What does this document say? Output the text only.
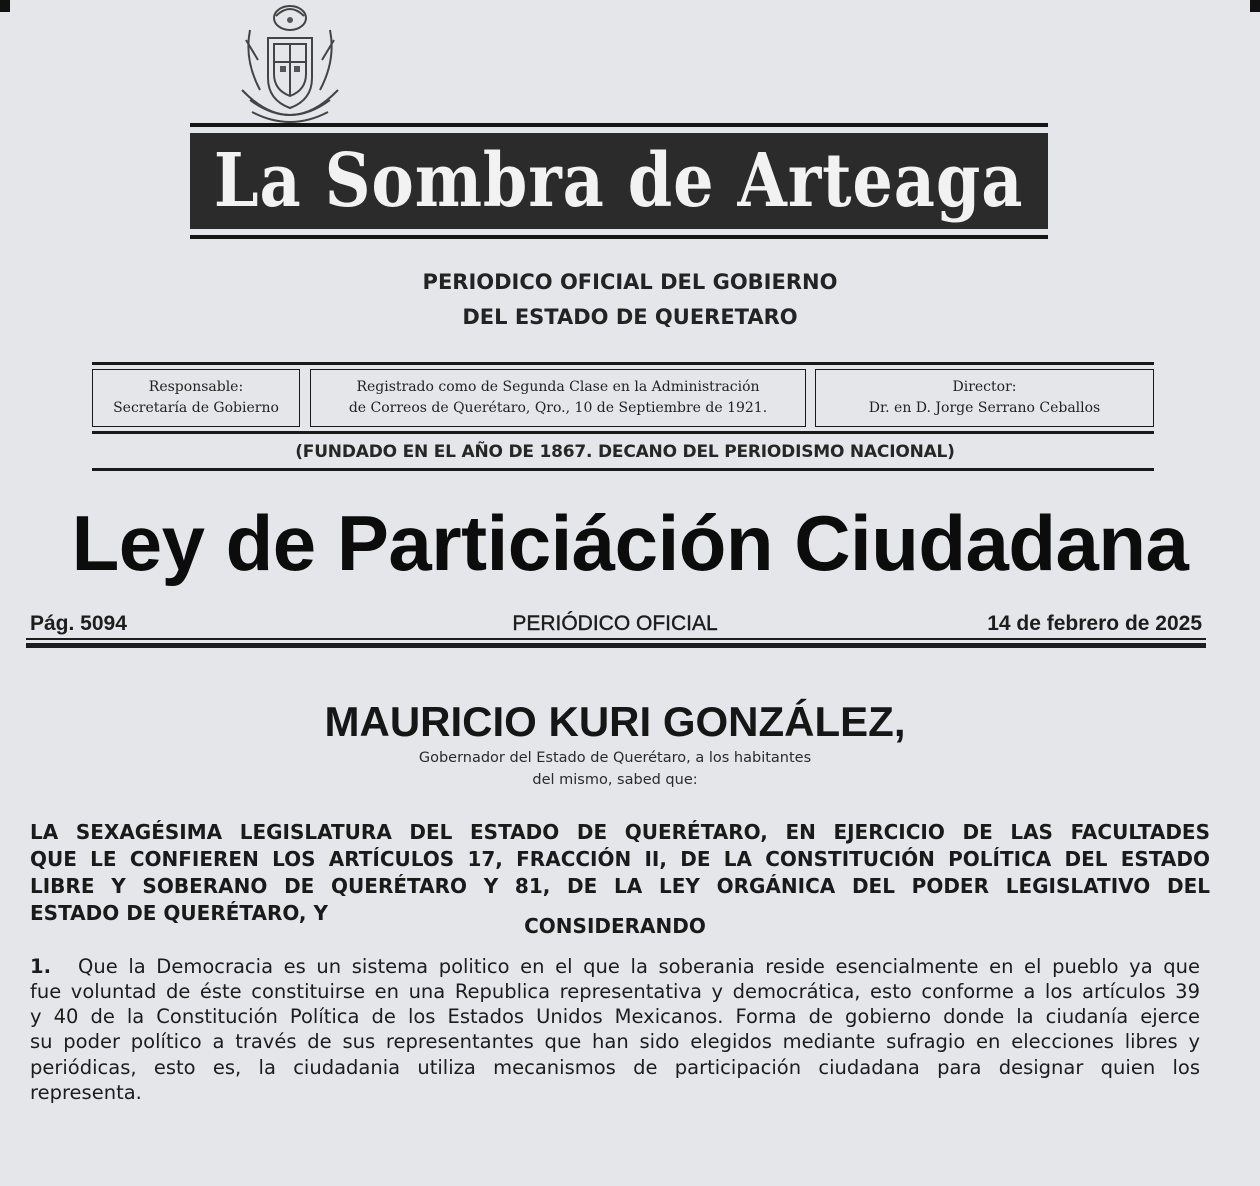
La Sombra de Arteaga
PERIODICO OFICIAL DEL GOBIERNO
DEL ESTADO DE QUERETARO
Responsable:
Secretaría de Gobierno
Registrado como de Segunda Clase en la Administración
de Correos de Querétaro, Qro., 10 de Septiembre de 1921.
Director:
Dr. en D. Jorge Serrano Ceballos
(FUNDADO EN EL AÑO DE 1867. DECANO DEL PERIODISMO NACIONAL)
Ley de Particiáción Ciudadana
Pág. 5094	PERIÓDICO OFICIAL	14 de febrero de 2025
MAURICIO KURI GONZÁLEZ,
Gobernador del Estado de Querétaro, a los habitantes
del mismo, sabed que:
LA SEXAGÉSIMA LEGISLATURA DEL ESTADO DE QUERÉTARO, EN EJERCICIO DE LAS FACULTADES
QUE LE CONFIEREN LOS ARTÍCULOS 17, FRACCIÓN II, DE LA CONSTITUCIÓN POLÍTICA DEL ESTADO
LIBRE Y SOBERANO DE QUERÉTARO Y 81, DE LA LEY ORGÁNICA DEL PODER LEGISLATIVO DEL
ESTADO DE QUERÉTARO, Y
CONSIDERANDO
1. Que la Democracia es un sistema politico en el que la soberania reside esencialmente en el pueblo ya que
fue voluntad de éste constituirse en una Republica representativa y democrática, esto conforme a los artículos 39
y 40 de la Constitución Política de los Estados Unidos Mexicanos. Forma de gobierno donde la ciudanía ejerce
su poder político a través de sus representantes que han sido elegidos mediante sufragio en elecciones libres y
periódicas, esto es, la ciudadania utiliza mecanismos de participación ciudadana para designar quien los
representa.
